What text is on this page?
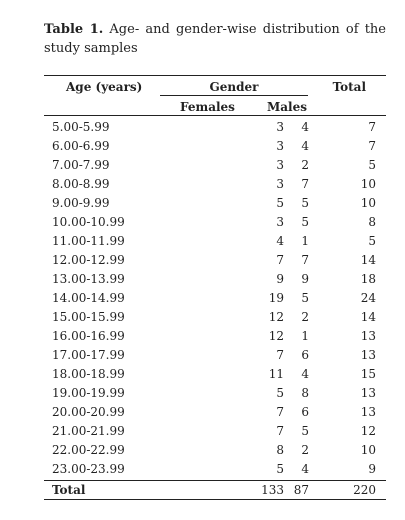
Table 1. Age- and gender-wise distribution of the study samples
Age (years)	Gender	Total
Females	Males
5.00-5.99	3 4	7
6.00-6.99	3 4	7
7.00-7.99	3 2	5
8.00-8.99	3 7	10
9.00-9.99	5 5	10
10.00-10.99	3 5	8
11.00-11.99	4 1	5
12.00-12.99	7 7	14
13.00-13.99	9 9	18
14.00-14.99	19 5	24
15.00-15.99	12 2	14
16.00-16.99	12 1	13
17.00-17.99	7 6	13
18.00-18.99	11 4	15
19.00-19.99	5 8	13
20.00-20.99	7 6	13
21.00-21.99	7 5	12
22.00-22.99	8 2	10
23.00-23.99	5 4	9
Total	133 87	220
